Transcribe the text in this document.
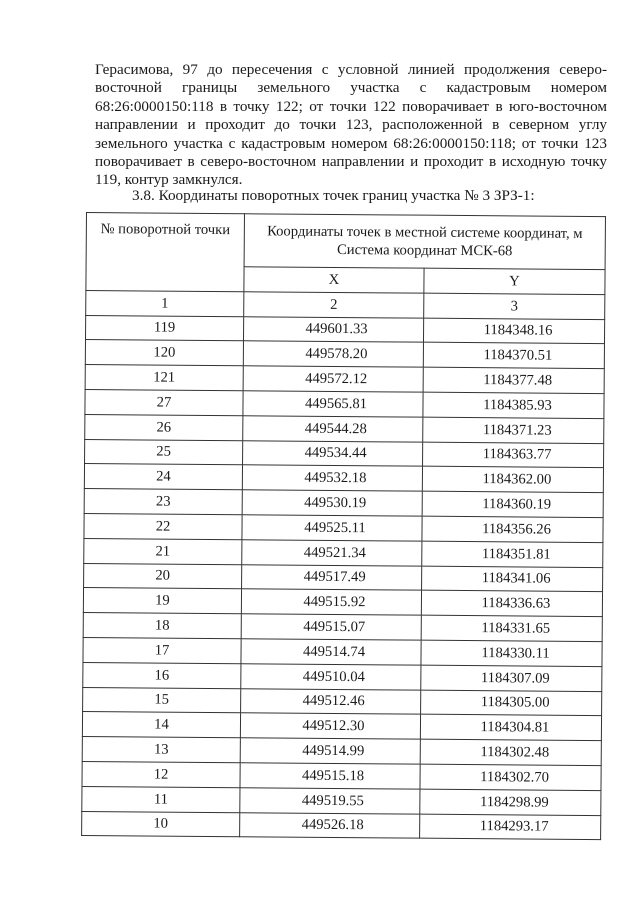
Герасимова, 97 до пересечения с условной линией продолжения северо-восточной границы земельного участка с кадастровым номером 68:26:0000150:118 в точку 122; от точки 122 поворачивает в юго-восточном направлении и проходит до точки 123, расположенной в северном углу земельного участка с кадастровым номером 68:26:0000150:118; от точки 123 поворачивает в северо-восточном направлении и проходит в исходную точку 119, контур замкнулся.

3.8. Координаты поворотных точек границ участка № 3 ЗРЗ-1:

№ поворотной точки	Координаты точек в местной системе координат, м Система координат МСК-68	
	X	Y
1	2	3
119	449601.33	1184348.16
120	449578.20	1184370.51
121	449572.12	1184377.48
27	449565.81	1184385.93
26	449544.28	1184371.23
25	449534.44	1184363.77
24	449532.18	1184362.00
23	449530.19	1184360.19
22	449525.11	1184356.26
21	449521.34	1184351.81
20	449517.49	1184341.06
19	449515.92	1184336.63
18	449515.07	1184331.65
17	449514.74	1184330.11
16	449510.04	1184307.09
15	449512.46	1184305.00
14	449512.30	1184304.81
13	449514.99	1184302.48
12	449515.18	1184302.70
11	449519.55	1184298.99
10	449526.18	1184293.17
